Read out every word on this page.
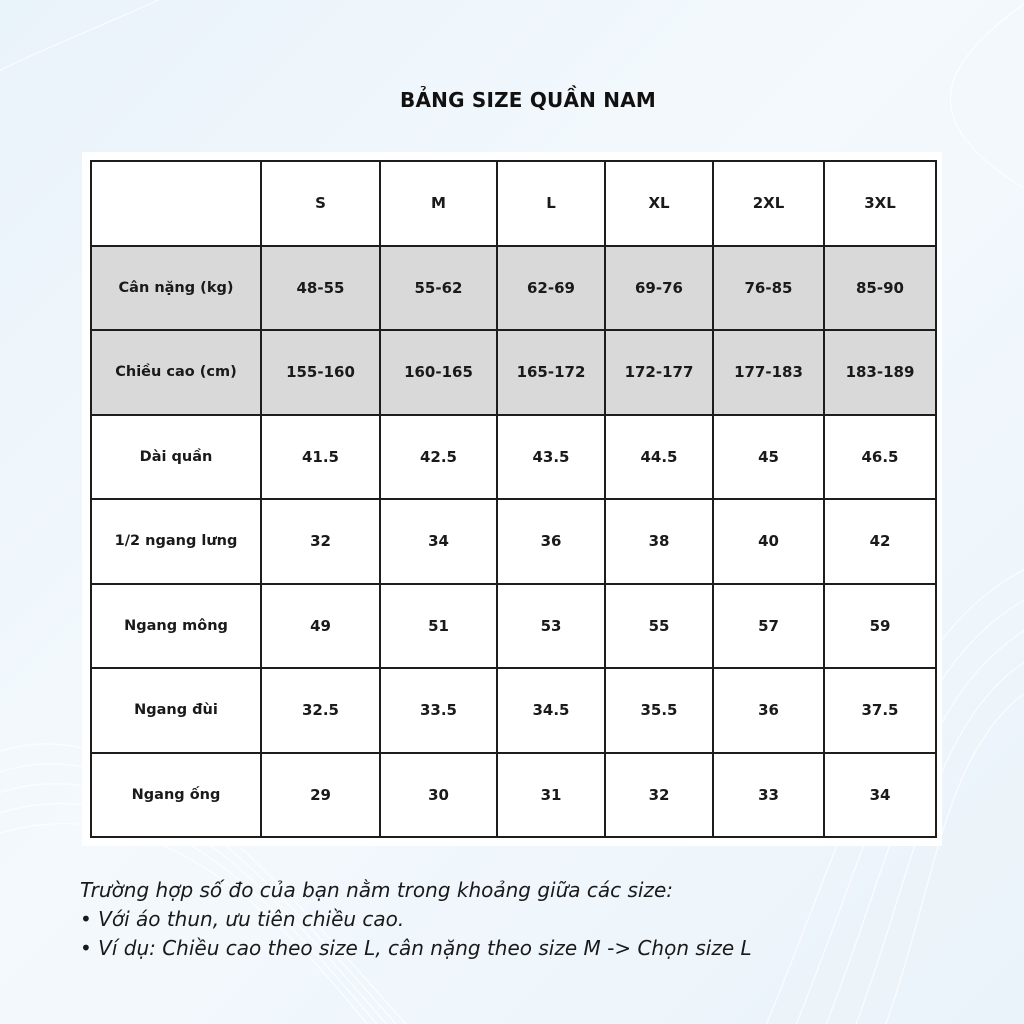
BẢNG SIZE QUẦN NAM
	S	M	L	XL	2XL	3XL
Cân nặng (kg)	48-55	55-62	62-69	69-76	76-85	85-90
Chiều cao (cm)	155-160	160-165	165-172	172-177	177-183	183-189
Dài quần	41.5	42.5	43.5	44.5	45	46.5
1/2 ngang lưng	32	34	36	38	40	42
Ngang mông	49	51	53	55	57	59
Ngang đùi	32.5	33.5	34.5	35.5	36	37.5
Ngang ống	29	30	31	32	33	34
Trường hợp số đo của bạn nằm trong khoảng giữa các size:
• Với áo thun, ưu tiên chiều cao.
• Ví dụ: Chiều cao theo size L, cân nặng theo size M -> Chọn size L
